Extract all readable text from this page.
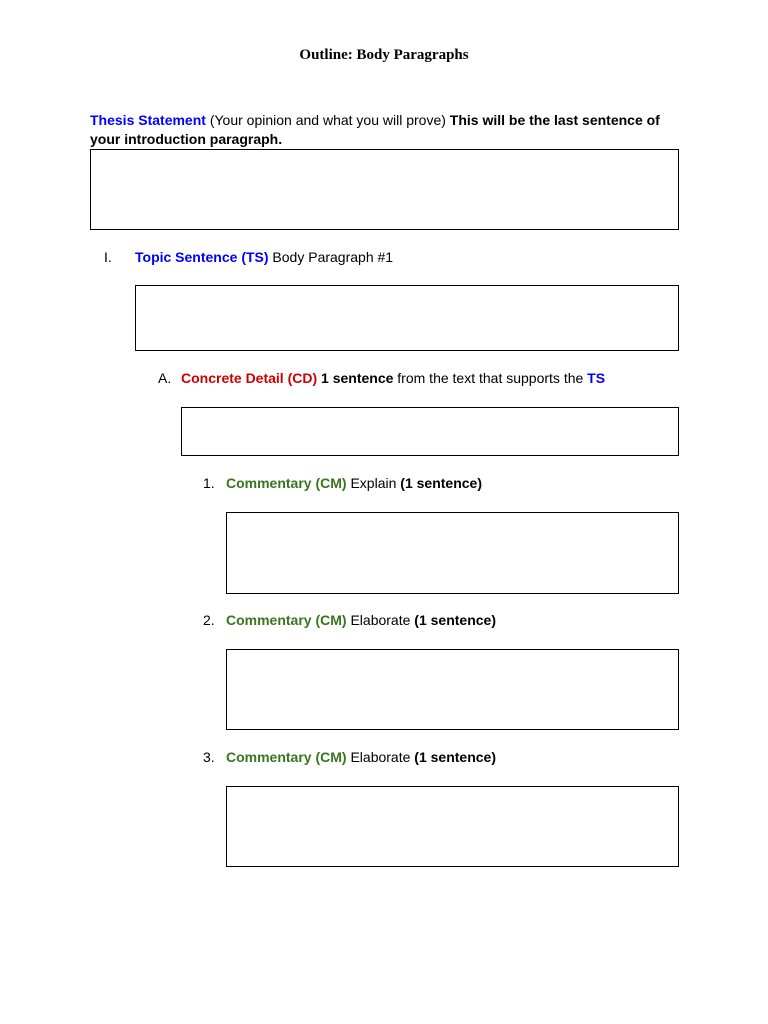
Outline: Body Paragraphs
Thesis Statement (Your opinion and what you will prove) This will be the last sentence of
your introduction paragraph.
I. Topic Sentence (TS) Body Paragraph #1
A. Concrete Detail (CD) 1 sentence from the text that supports the TS
1. Commentary (CM) Explain (1 sentence)
2. Commentary (CM) Elaborate (1 sentence)
3. Commentary (CM) Elaborate (1 sentence)
